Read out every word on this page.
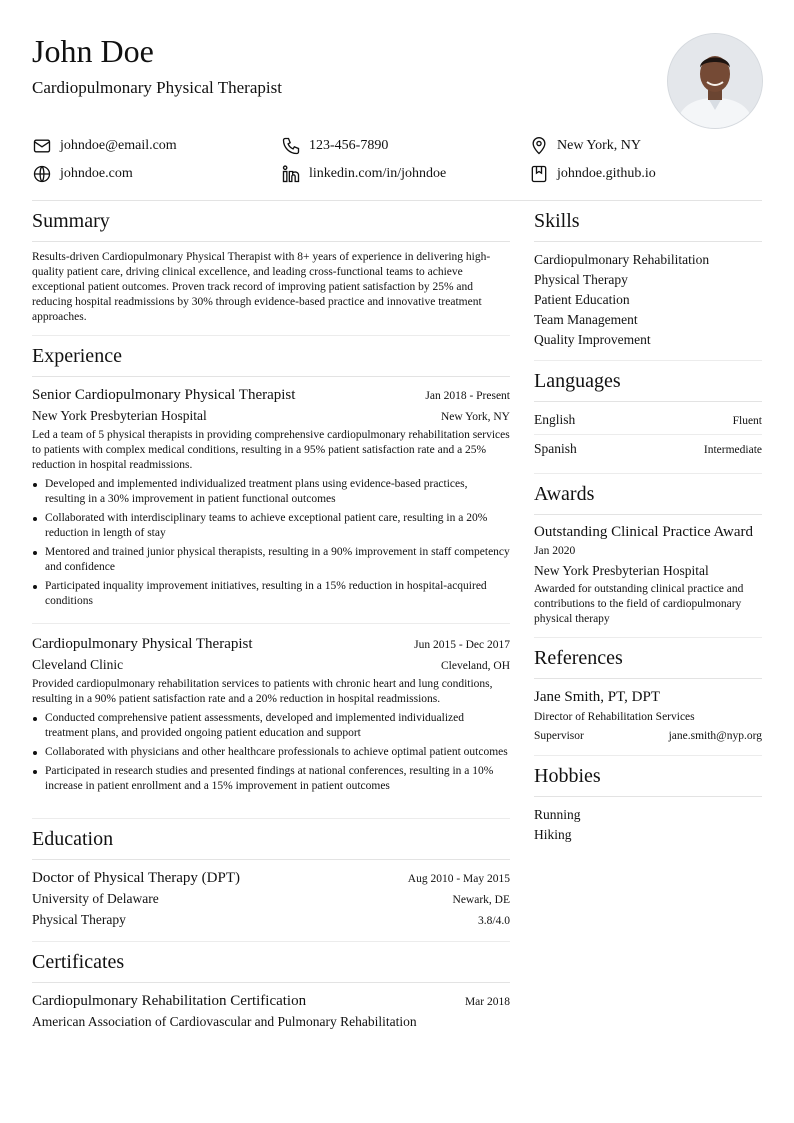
John Doe
Cardiopulmonary Physical Therapist
johndoe@email.com	123-456-7890	New York, NY
johndoe.com	linkedin.com/in/johndoe	johndoe.github.io
Summary

Results-driven Cardiopulmonary Physical Therapist with 8+ years of experience in delivering high-quality patient care, driving clinical excellence, and leading cross-functional teams to achieve exceptional patient outcomes. Proven track record of improving patient satisfaction by 25% and reducing hospital readmissions by 30% through evidence-based practice and innovative treatment approaches.

Experience
Senior Cardiopulmonary Physical Therapist	Jan 2018 - Present
New York Presbyterian Hospital	New York, NY

Led a team of 5 physical therapists in providing comprehensive cardiopulmonary rehabilitation services to patients with complex medical conditions, resulting in a 95% patient satisfaction rate and a 25% reduction in hospital readmissions.

Developed and implemented individualized treatment plans using evidence-based practices, resulting in a 30% improvement in patient functional outcomes
Collaborated with interdisciplinary teams to achieve exceptional patient care, resulting in a 20% reduction in length of stay
Mentored and trained junior physical therapists, resulting in a 90% improvement in staff competency and confidence
Participated inquality improvement initiatives, resulting in a 15% reduction in hospital-acquired conditions
Cardiopulmonary Physical Therapist	Jun 2015 - Dec 2017
Cleveland Clinic	Cleveland, OH

Provided cardiopulmonary rehabilitation services to patients with chronic heart and lung conditions, resulting in a 90% patient satisfaction rate and a 20% reduction in hospital readmissions.

Conducted comprehensive patient assessments, developed and implemented individualized treatment plans, and provided ongoing patient education and support
Collaborated with physicians and other healthcare professionals to achieve optimal patient outcomes
Participated in research studies and presented findings at national conferences, resulting in a 10% increase in patient enrollment and a 15% improvement in patient outcomes
Education
Doctor of Physical Therapy (DPT)	Aug 2010 - May 2015
University of Delaware	Newark, DE
Physical Therapy	3.8/4.0
Certificates
Cardiopulmonary Rehabilitation Certification	Mar 2018
American Association of Cardiovascular and Pulmonary Rehabilitation
Skills
Cardiopulmonary Rehabilitation
Physical Therapy
Patient Education
Team Management
Quality Improvement
Languages
English	Fluent
Spanish	Intermediate
Awards
Outstanding Clinical Practice Award
Jan 2020
New York Presbyterian Hospital

Awarded for outstanding clinical practice and contributions to the field of cardiopulmonary physical therapy

References
Jane Smith, PT, DPT
Director of Rehabilitation Services
Supervisor	jane.smith@nyp.org
Hobbies
Running
Hiking
